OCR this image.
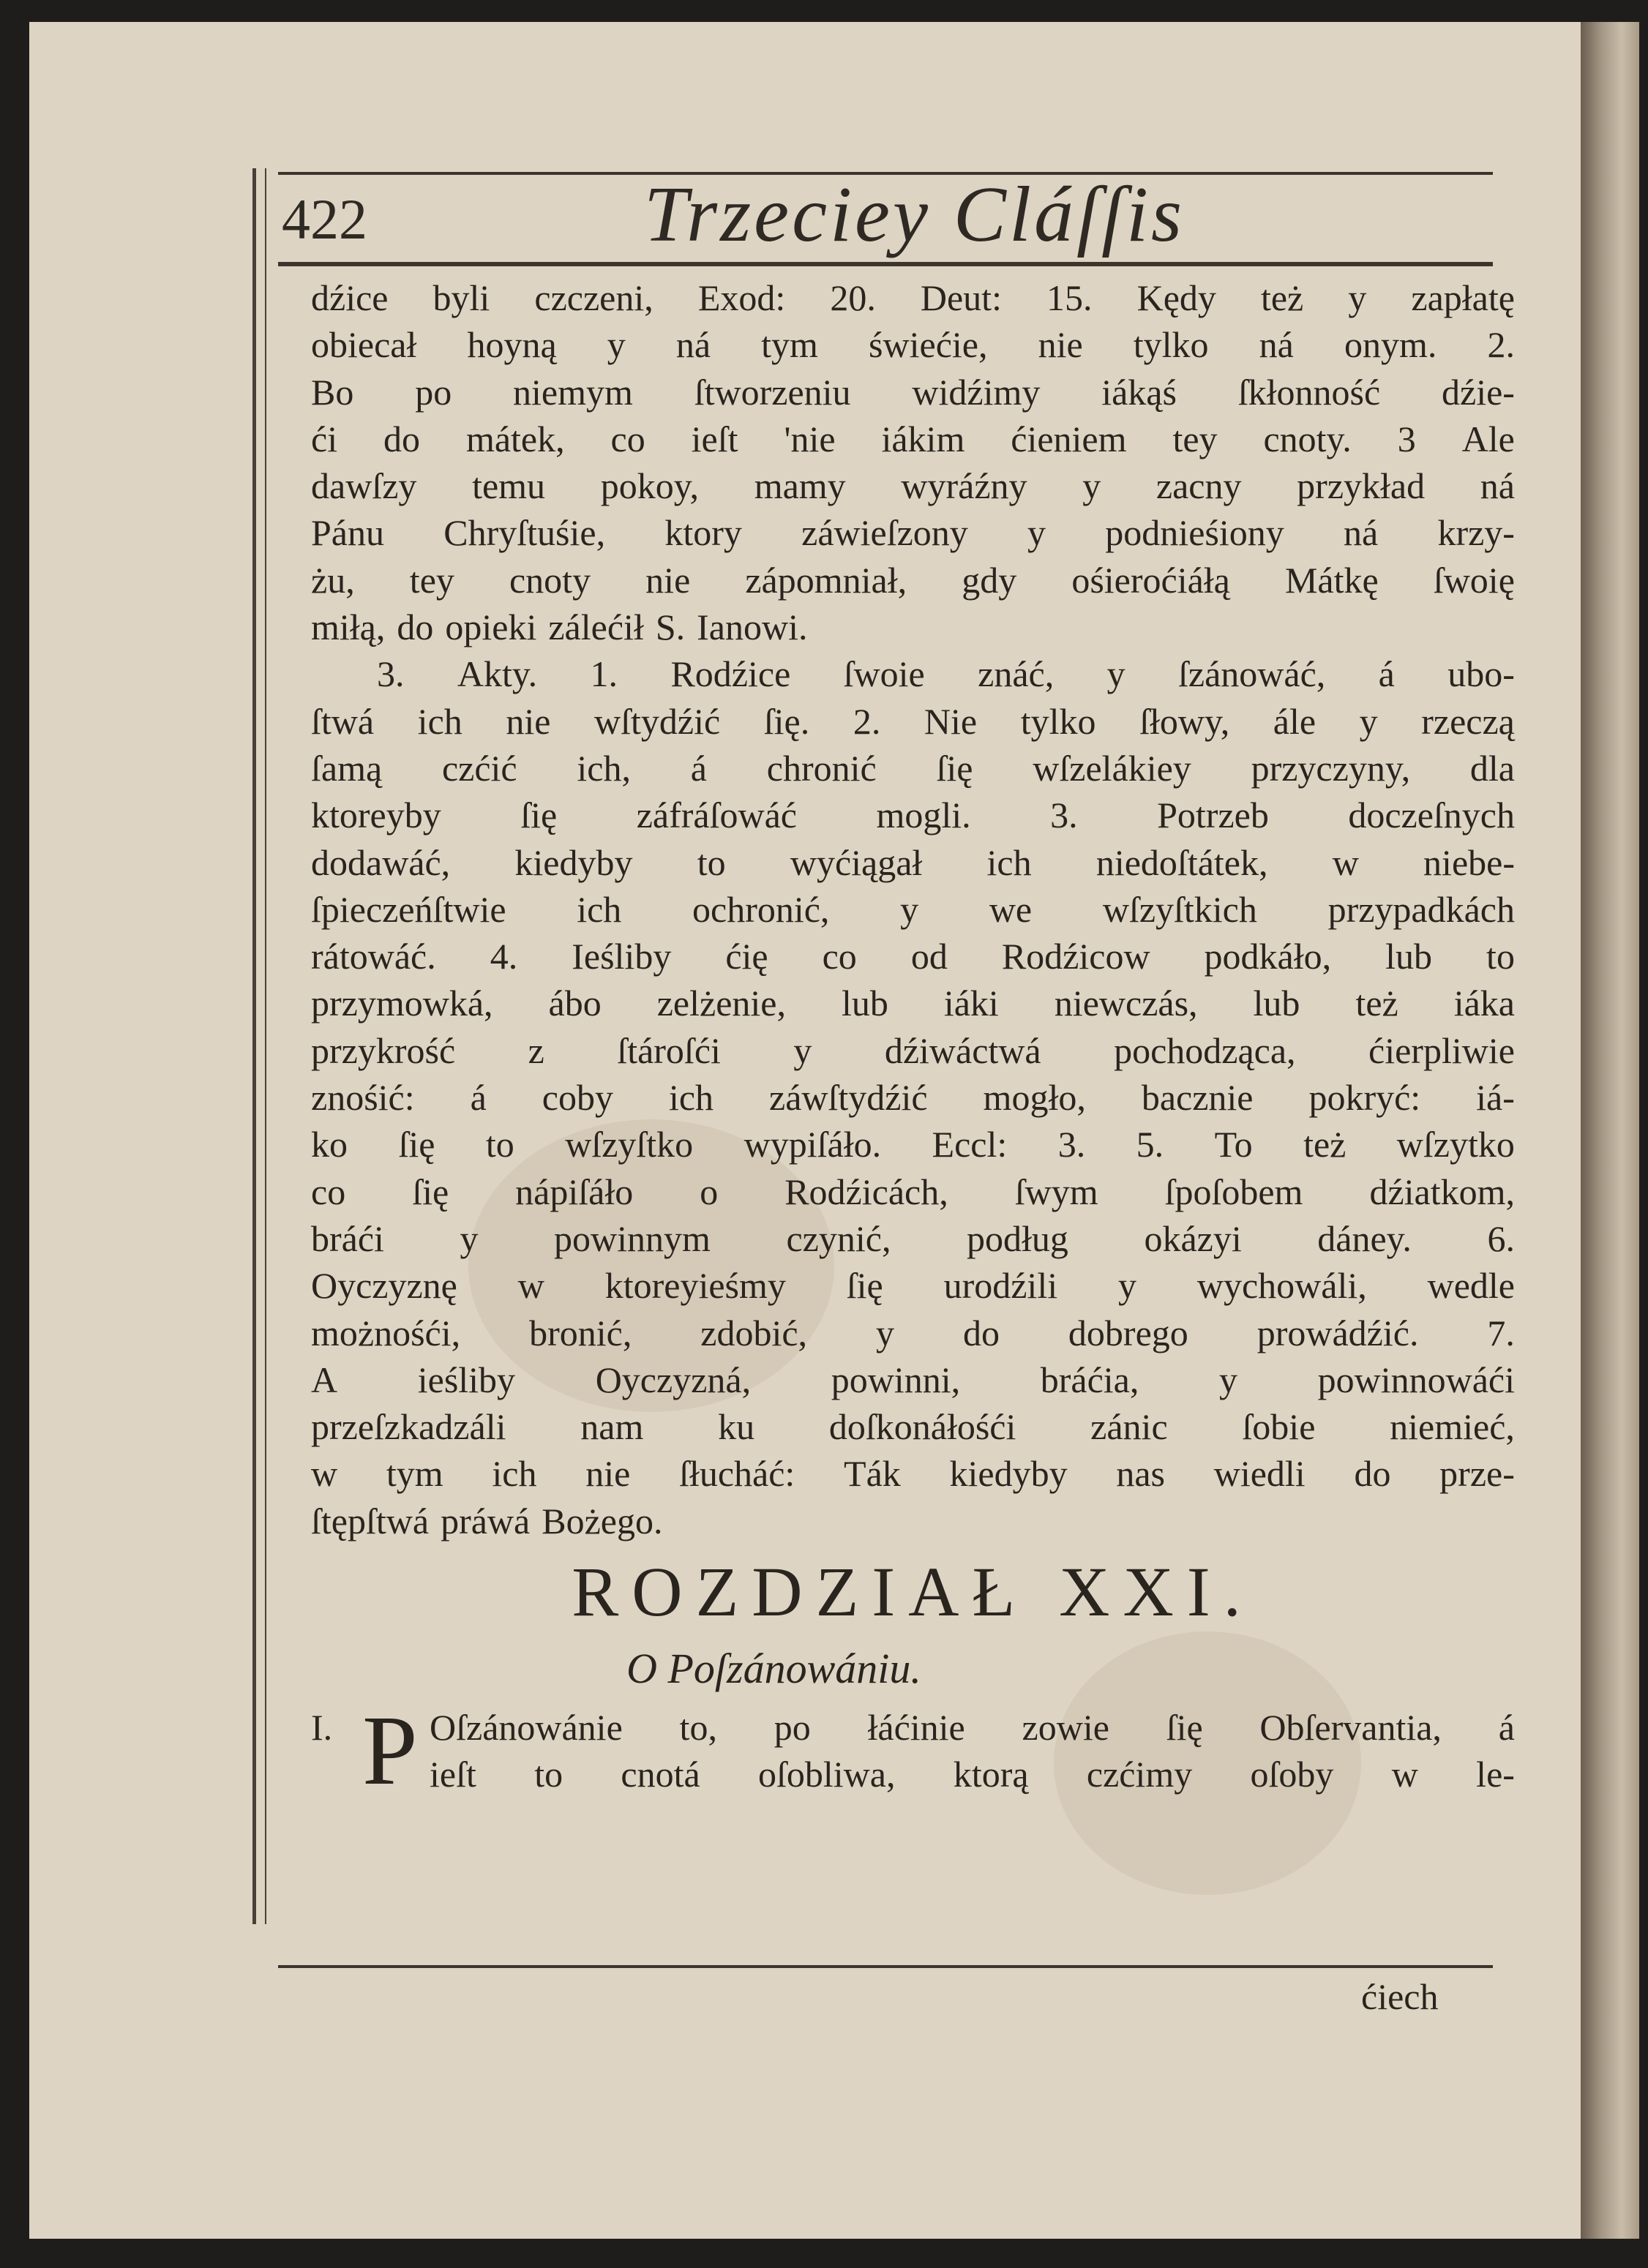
422	Trzeciey Cláſſis
dźice byli czczeni, Exod: 20. Deut: 15. Kędy też y zapłatę
obiecał hoyną y ná tym świećie, nie tylko ná onym. 2.
Bo po niemym ſtworzeniu widźimy iákąś ſkłonność dźie-
ći do mátek, co ieſt 'nie iákim ćieniem tey cnoty. 3 Ale
dawſzy temu pokoy, mamy wyráźny y zacny przykład ná
Pánu Chryſtuśie, ktory záwieſzony y podnieśiony ná krzy-
żu, tey cnoty nie zápomniał, gdy ośierоćiáłą Mátkę ſwoię
miłą, do opieki zálećił S. Ianowi.
3. Akty. 1. Rodźice ſwoie znáć, y ſzánowáć, á ubo-
ſtwá ich nie wſtydźić ſię. 2. Nie tylko ſłowy, ále y rzeczą
ſamą czćić ich, á chronić ſię wſzelákiey przyczyny, dla
ktoreyby ſię záfráſowáć mogli. 3. Potrzeb doczeſnych
dodawáć, kiedyby to wyćiągał ich niedoſtátek, w niebe-
ſpieczeńſtwie ich ochronić, y we wſzyſtkich przypadkách
rátowáć. 4. Ieśliby ćię co od Rodźicow podkáło, lub to
przymowká, ábo zelżenie, lub iáki niewczás, lub też iáka
przykrość z ſtároſći y dźiwáctwá pochodząca, ćierpliwie
znośić: á coby ich záwſtydźić mogło, bacznie pokryć: iá-
ko ſię to wſzyſtko wypiſáło. Eccl: 3. 5. To też wſzytko
co ſię nápiſáło o Rodźicách, ſwym ſpoſobem dźiatkom,
bráći y powinnym czynić, podług okázyi dáney. 6.
Oyczyznę w ktoreyieśmy ſię urodźili y wychowáli, wedle
możnośći, bronić, zdobić, y do dobrego prowádźić. 7.
A ieśliby Oyczyzná, powinni, bráćia, y powinnowáći
przeſzkadzáli nam ku doſkonáłośći zánic ſobie niemieć,
w tym ich nie ſłucháć: Ták kiedyby nas wiedli do prze-
ſtępſtwá práwá Bożego.
ROZDZIAŁ XXI.
O Poſzánowániu.
I. P Oſzánowánie to, po łáćinie zowie ſię Obſervantia, á
ieſt to cnotá oſobliwa, ktorą czćimy oſoby w le-

ćiech
